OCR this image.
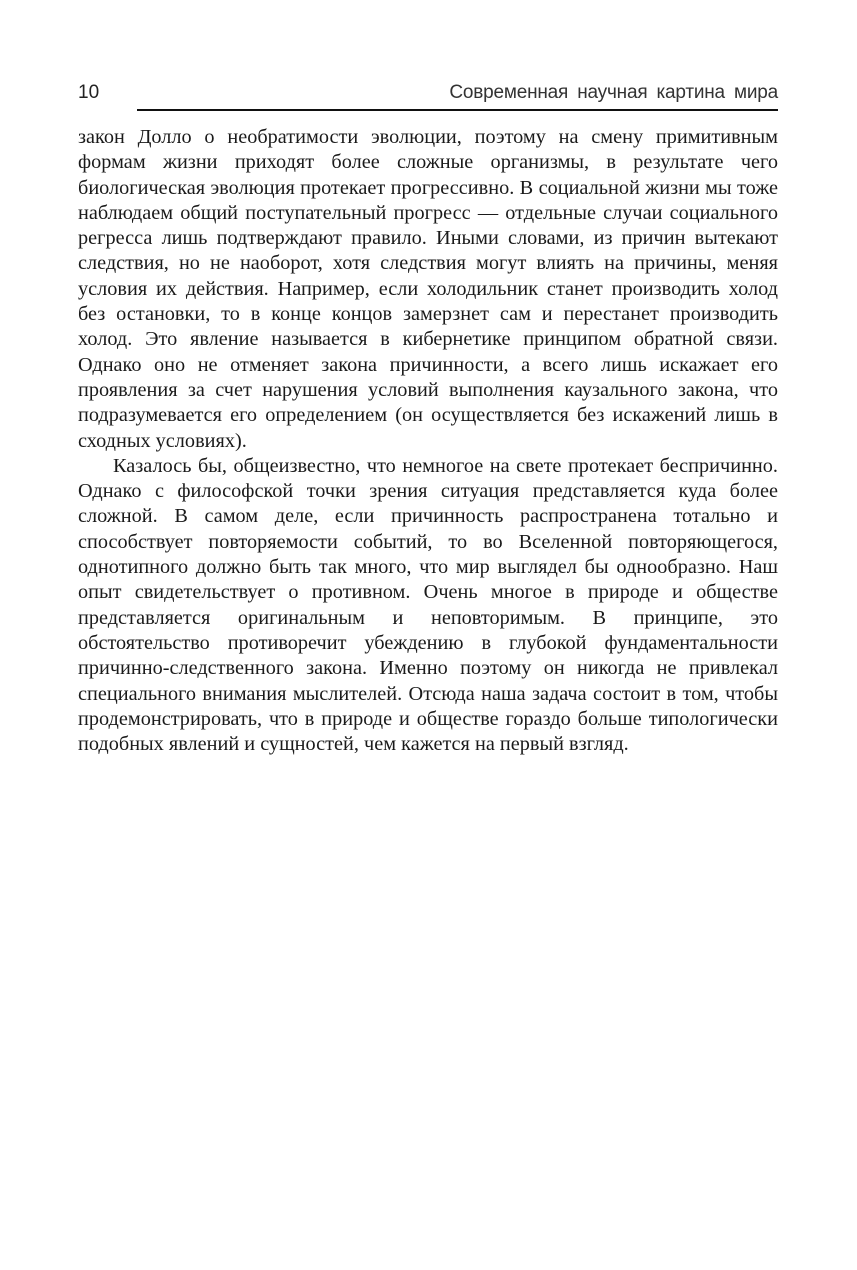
10	Современная научная картина мира

закон Долло о необратимости эволюции, поэтому на смену примитивным формам жизни приходят более сложные организмы, в результате чего биологическая эволюция протекает прогрессивно. В социальной жизни мы тоже наблюдаем общий поступательный прогресс — отдельные случаи социального регресса лишь подтверждают правило. Иными словами, из причин вытекают следствия, но не наоборот, хотя следствия могут влиять на причины, меняя условия их действия. Например, если холодильник станет производить холод без остановки, то в конце концов замерзнет сам и перестанет производить холод. Это явление называется в кибернетике принципом обратной связи. Однако оно не отменяет закона причинности, а всего лишь искажает его проявления за счет нарушения условий выполнения каузального закона, что подразумевается его определением (он осуществляется без искажений лишь в сходных условиях).

Казалось бы, общеизвестно, что немногое на свете протекает беспричинно. Однако с философской точки зрения ситуация представляется куда более сложной. В самом деле, если причинность распространена тотально и способствует повторяемости событий, то во Вселенной повторяющегося, однотипного должно быть так много, что мир выглядел бы однообразно. Наш опыт свидетельствует о противном. Очень многое в природе и обществе представляется оригинальным и неповторимым. В принципе, это обстоятельство противоречит убеждению в глубокой фундаментальности причинно-следственного закона. Именно поэтому он никогда не привлекал специального внимания мыслителей. Отсюда наша задача состоит в том, чтобы продемонстрировать, что в природе и обществе гораздо больше типологически подобных явлений и сущностей, чем кажется на первый взгляд.
